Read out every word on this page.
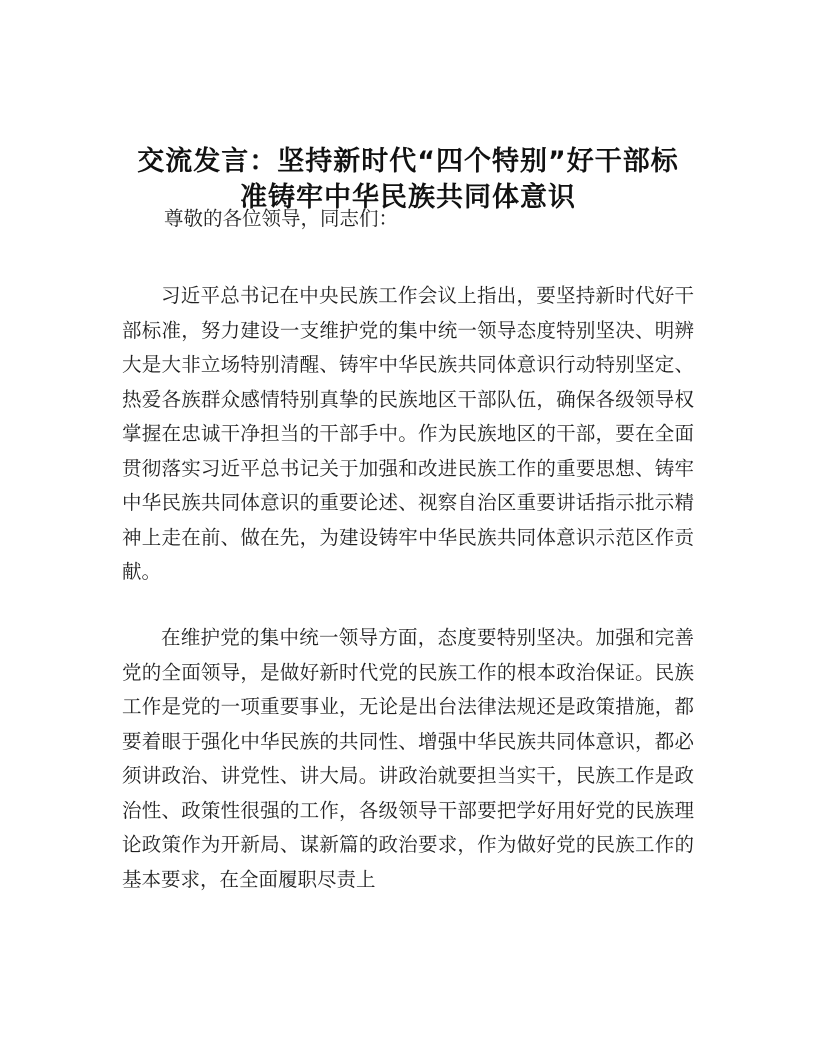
交流发言：坚持新时代“四个特别”好干部标
准铸牢中华民族共同体意识
尊敬的各位领导，同志们：

习近平总书记在中央民族工作会议上指出，要坚持新时代好干部标准，努力建设一支维护党的集中统一领导态度特别坚决、明辨大是大非立场特别清醒、铸牢中华民族共同体意识行动特别坚定、热爱各族群众感情特别真挚的民族地区干部队伍，确保各级领导权掌握在忠诚干净担当的干部手中。作为民族地区的干部，要在全面贯彻落实习近平总书记关于加强和改进民族工作的重要思想、铸牢中华民族共同体意识的重要论述、视察自治区重要讲话指示批示精神上走在前、做在先，为建设铸牢中华民族共同体意识示范区作贡献。

在维护党的集中统一领导方面，态度要特别坚决。加强和完善党的全面领导，是做好新时代党的民族工作的根本政治保证。民族工作是党的一项重要事业，无论是出台法律法规还是政策措施，都要着眼于强化中华民族的共同性、增强中华民族共同体意识，都必须讲政治、讲党性、讲大局。讲政治就要担当实干，民族工作是政治性、政策性很强的工作，各级领导干部要把学好用好党的民族理论政策作为开新局、谋新篇的政治要求，作为做好党的民族工作的基本要求，在全面履职尽责上
